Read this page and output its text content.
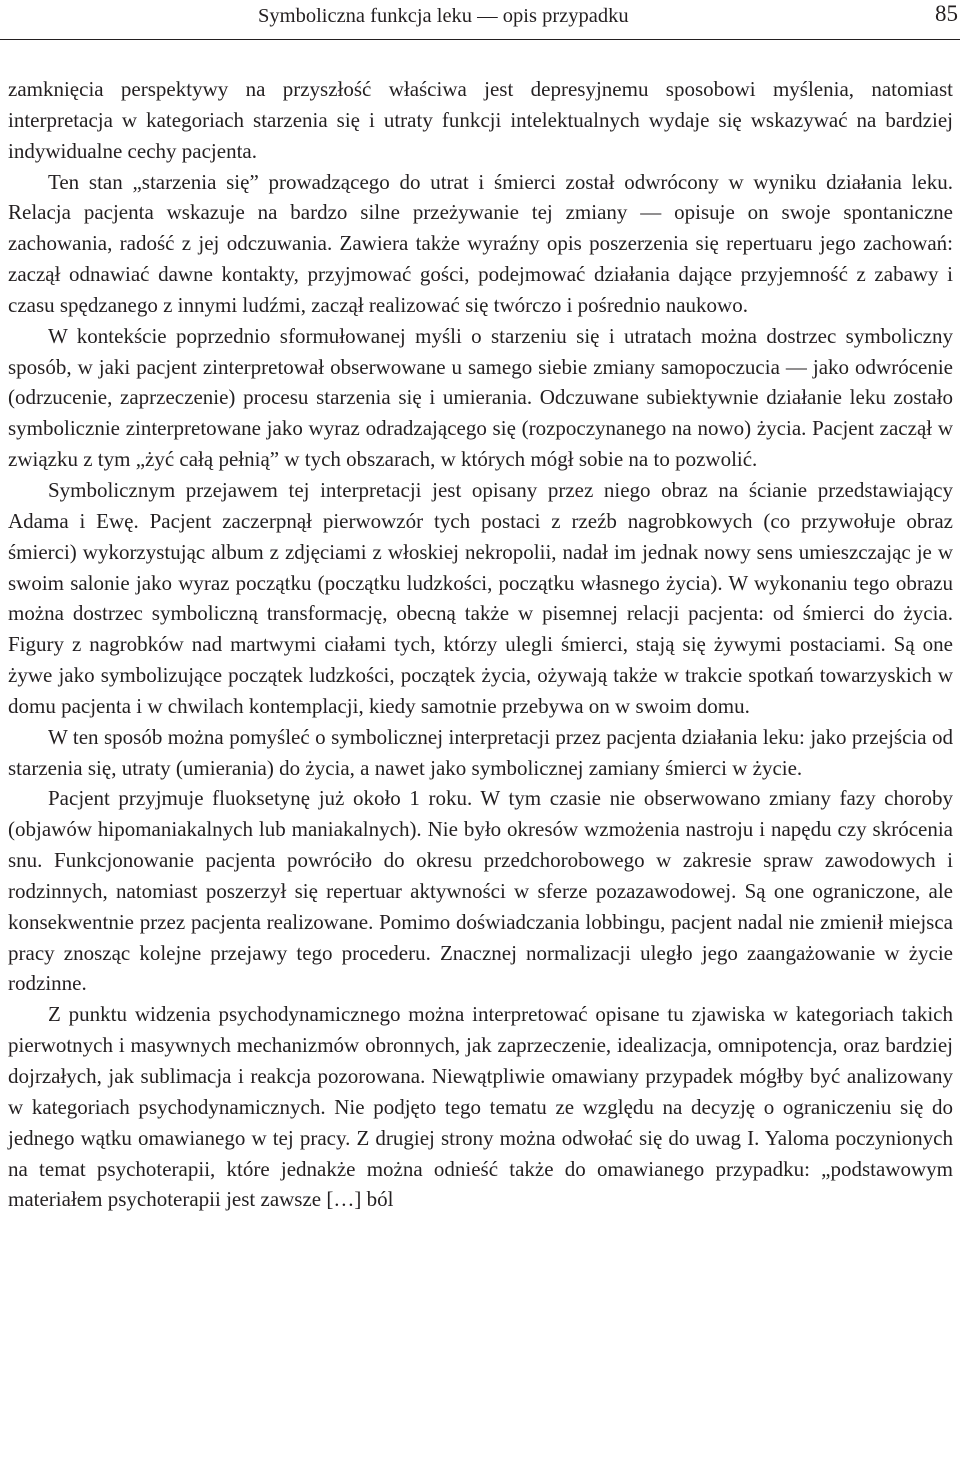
Symboliczna funkcja leku — opis przypadku	85

zamknięcia perspektywy na przyszłość właściwa jest depresyjnemu sposobowi myślenia, natomiast interpretacja w kategoriach starzenia się i utraty funkcji intelektualnych wydaje się wskazywać na bardziej indywidualne cechy pacjenta.

Ten stan „starzenia się” prowadzącego do utrat i śmierci został odwrócony w wyniku działania leku. Relacja pacjenta wskazuje na bardzo silne przeżywanie tej zmiany — opisuje on swoje spontaniczne zachowania, radość z jej odczuwania. Zawiera także wyraźny opis poszerzenia się repertuaru jego zachowań: zaczął odnawiać dawne kontakty, przyjmować gości, podejmować działania dające przyjemność z zabawy i czasu spędzanego z innymi ludźmi, zaczął realizować się twórczo i pośrednio naukowo.

W kontekście poprzednio sformułowanej myśli o starzeniu się i utratach można dostrzec symboliczny sposób, w jaki pacjent zinterpretował obserwowane u samego siebie zmiany samopoczucia — jako odwrócenie (odrzucenie, zaprzeczenie) procesu starzenia się i umierania. Odczuwane subiektywnie działanie leku zostało symbolicznie zinterpretowane jako wyraz odradzającego się (rozpoczynanego na nowo) życia. Pacjent zaczął w związku z tym „żyć całą pełnią” w tych obszarach, w których mógł sobie na to pozwolić.

Symbolicznym przejawem tej interpretacji jest opisany przez niego obraz na ścianie przedstawiający Adama i Ewę. Pacjent zaczerpnął pierwowzór tych postaci z rzeźb nagrobkowych (co przywołuje obraz śmierci) wykorzystując album z zdjęciami z włoskiej nekropolii, nadał im jednak nowy sens umieszczając je w swoim salonie jako wyraz początku (początku ludzkości, początku własnego życia). W wykonaniu tego obrazu można dostrzec symboliczną transformację, obecną także w pisemnej relacji pacjenta: od śmierci do życia. Figury z nagrobków nad martwymi ciałami tych, którzy ulegli śmierci, stają się żywymi postaciami. Są one żywe jako symbolizujące początek ludzkości, początek życia, ożywają także w trakcie spotkań towarzyskich w domu pacjenta i w chwilach kontemplacji, kiedy samotnie przebywa on w swoim domu.

W ten sposób można pomyśleć o symbolicznej interpretacji przez pacjenta działania leku: jako przejścia od starzenia się, utraty (umierania) do życia, a nawet jako symbolicznej zamiany śmierci w życie.

Pacjent przyjmuje fluoksetynę już około 1 roku. W tym czasie nie obserwowano zmiany fazy choroby (objawów hipomaniakalnych lub maniakalnych). Nie było okresów wzmożenia nastroju i napędu czy skrócenia snu. Funkcjonowanie pacjenta powróciło do okresu przedchorobowego w zakresie spraw zawodowych i rodzinnych, natomiast poszerzył się repertuar aktywności w sferze pozazawodowej. Są one ograniczone, ale konsekwentnie przez pacjenta realizowane. Pomimo doświadczania lobbingu, pacjent nadal nie zmienił miejsca pracy znosząc kolejne przejawy tego procederu. Znacznej normalizacji uległo jego zaangażowanie w życie rodzinne.

Z punktu widzenia psychodynamicznego można interpretować opisane tu zjawiska w kategoriach takich pierwotnych i masywnych mechanizmów obronnych, jak zaprzeczenie, idealizacja, omnipotencja, oraz bardziej dojrzałych, jak sublimacja i reakcja pozorowana. Niewątpliwie omawiany przypadek mógłby być analizowany w kategoriach psychodynamicznych. Nie podjęto tego tematu ze względu na decyzję o ograniczeniu się do jednego wątku omawianego w tej pracy. Z drugiej strony można odwołać się do uwag I. Yaloma poczynionych na temat psychoterapii, które jednakże można odnieść także do omawianego przypadku: „podstawowym materiałem psychoterapii jest zawsze […] ból
